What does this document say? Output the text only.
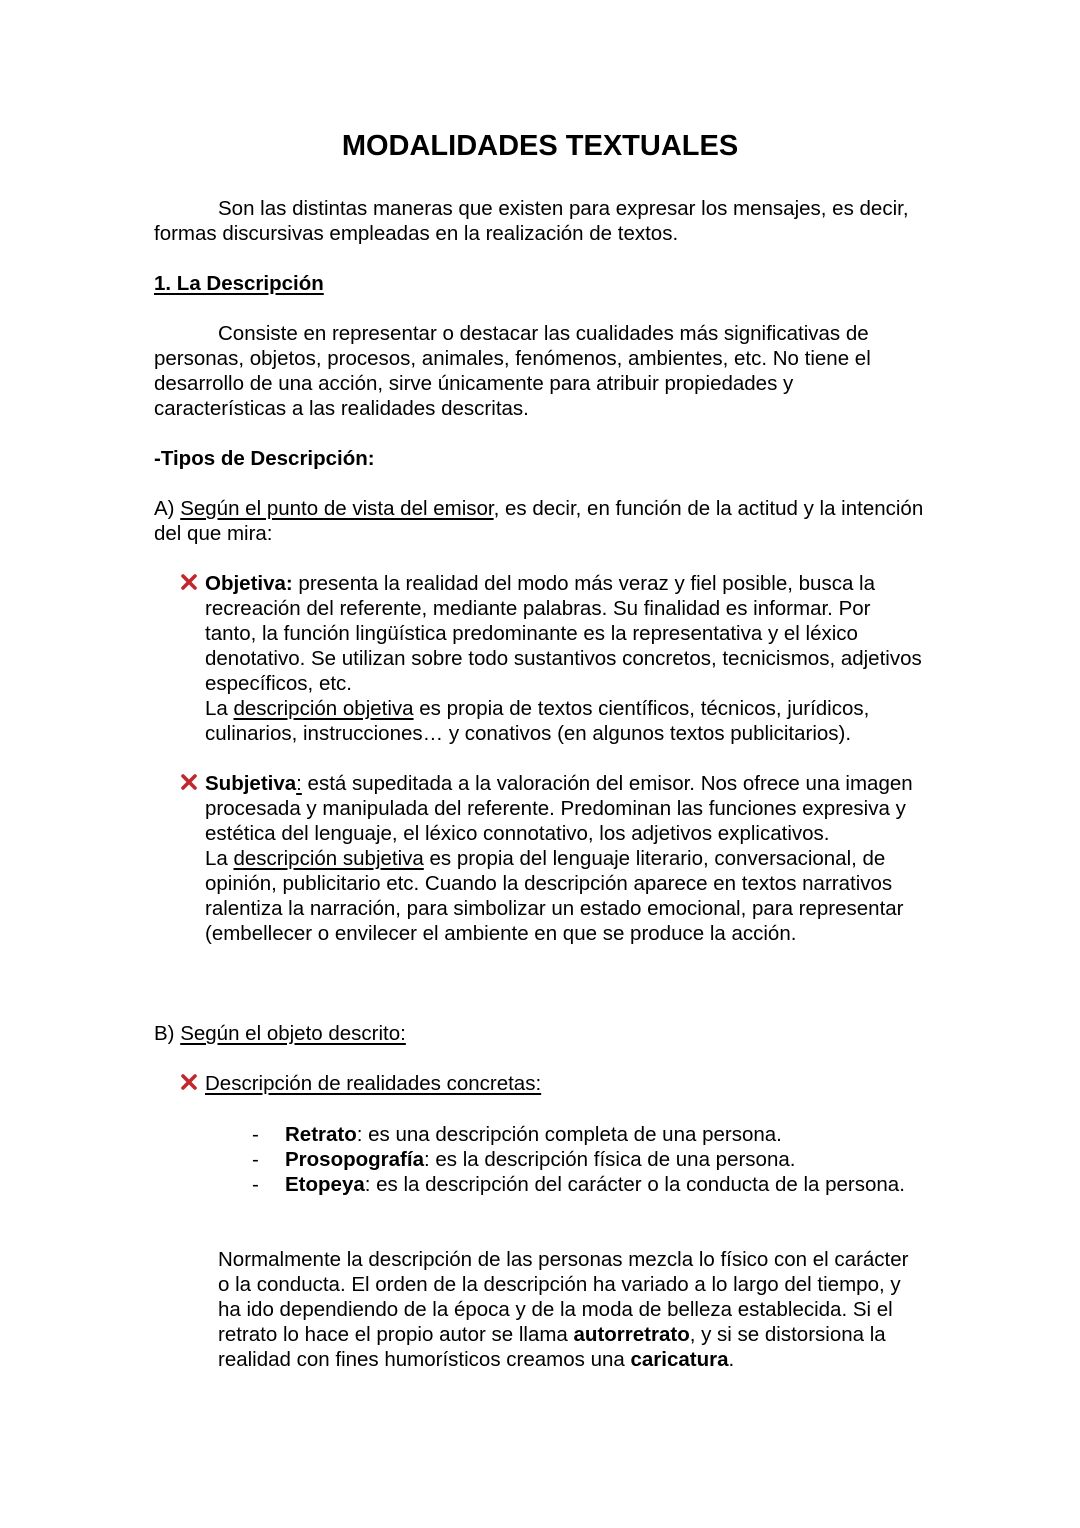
MODALIDADES TEXTUALES

Son las distintas maneras que existen para expresar los mensajes, es decir, formas discursivas empleadas en la realización de textos.

1. La Descripción

Consiste en representar o destacar las cualidades más significativas de personas, objetos, procesos, animales, fenómenos, ambientes, etc. No tiene el desarrollo de una acción, sirve únicamente para atribuir propiedades y características a las realidades descritas.

-Tipos de Descripción:

A) Según el punto de vista del emisor, es decir, en función de la actitud y la intención del que mira:

Objetiva: presenta la realidad del modo más veraz y fiel posible, busca la recreación del referente, mediante palabras. Su finalidad es informar. Por tanto, la función lingüística predominante es la representativa y el léxico denotativo. Se utilizan sobre todo sustantivos concretos, tecnicismos, adjetivos específicos, etc.
La descripción objetiva es propia de textos científicos, técnicos, jurídicos, culinarios, instrucciones… y conativos (en algunos textos publicitarios).
Subjetiva: está supeditada a la valoración del emisor. Nos ofrece una imagen procesada y manipulada del referente. Predominan las funciones expresiva y estética del lenguaje, el léxico connotativo, los adjetivos explicativos.
La descripción subjetiva es propia del lenguaje literario, conversacional, de opinión, publicitario etc. Cuando la descripción aparece en textos narrativos ralentiza la narración, para simbolizar un estado emocional, para representar (embellecer o envilecer el ambiente en que se produce la acción.

B) Según el objeto descrito:

Descripción de realidades concretas:

-	Retrato: es una descripción completa de una persona.

-	Prosopografía: es la descripción física de una persona.

-	Etopeya: es la descripción del carácter o la conducta de la persona.

Normalmente la descripción de las personas mezcla lo físico con el carácter o la conducta. El orden de la descripción ha variado a lo largo del tiempo, y ha ido dependiendo de la época y de la moda de belleza establecida. Si el retrato lo hace el propio autor se llama autorretrato, y si se distorsiona la realidad con fines humorísticos creamos una caricatura.
